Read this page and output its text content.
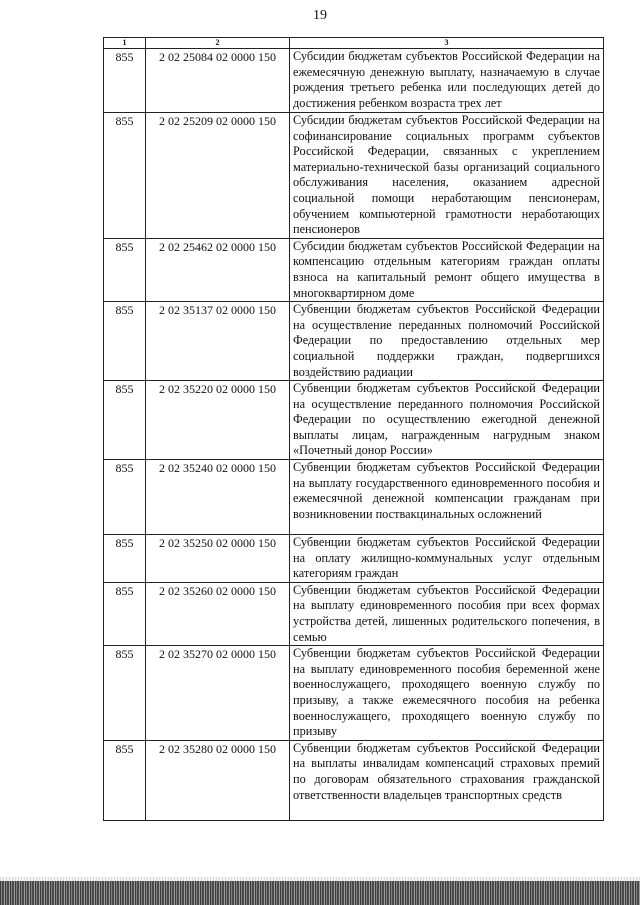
19
1	2	3
855	2 02 25084 02 0000 150	Субсидии бюджетам субъектов Российской Федерации на ежемесячную денежную выплату, назначаемую в случае рождения третьего ребенка или последующих детей до достижения ребенком возраста трех лет
855	2 02 25209 02 0000 150	Субсидии бюджетам субъектов Российской Федерации на софинансирование социальных программ субъектов Российской Федерации, связанных с укреплением материально-технической базы организаций социального обслуживания населения, оказанием адресной социальной помощи неработающим пенсионерам, обучением компьютерной грамотности неработающих пенсионеров
855	2 02 25462 02 0000 150	Субсидии бюджетам субъектов Российской Федерации на компенсацию отдельным категориям граждан оплаты взноса на капитальный ремонт общего имущества в многоквартирном доме
855	2 02 35137 02 0000 150	Субвенции бюджетам субъектов Российской Федерации на осуществление переданных полномочий Российской Федерации по предоставлению отдельных мер социальной поддержки граждан, подвергшихся воздействию радиации
855	2 02 35220 02 0000 150	Субвенции бюджетам субъектов Российской Федерации на осуществление переданного полномочия Российской Федерации по осуществлению ежегодной денежной выплаты лицам, награжденным нагрудным знаком «Почетный донор России»
855	2 02 35240 02 0000 150	Субвенции бюджетам субъектов Российской Федерации на выплату государственного единовременного пособия и ежемесячной денежной компенсации гражданам при возникновении поствакцинальных осложнений
855	2 02 35250 02 0000 150	Субвенции бюджетам субъектов Российской Федерации на оплату жилищно-коммунальных услуг отдельным категориям граждан
855	2 02 35260 02 0000 150	Субвенции бюджетам субъектов Российской Федерации на выплату единовременного пособия при всех формах устройства детей, лишенных родительского попечения, в семью
855	2 02 35270 02 0000 150	Субвенции бюджетам субъектов Российской Федерации на выплату единовременного пособия беременной жене военнослужащего, проходящего военную службу по призыву, а также ежемесячного пособия на ребенка военнослужащего, проходящего военную службу по призыву
855	2 02 35280 02 0000 150	Субвенции бюджетам субъектов Российской Федерации на выплаты инвалидам компенсаций страховых премий по договорам обязательного страхования гражданской ответственности владельцев транспортных средств
